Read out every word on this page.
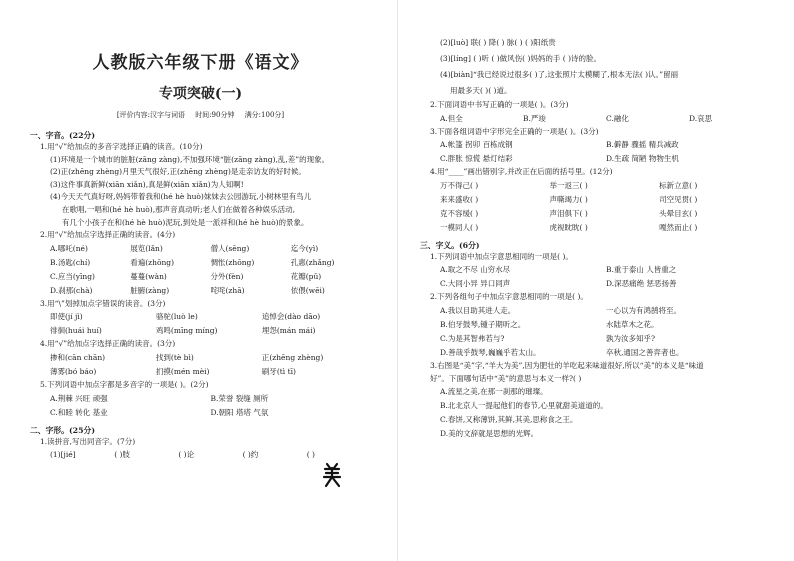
人教版六年级下册《语文》
专项突破(一)
[评价内容:汉字与词语 时间:90分钟 满分:100分]
一、字音。(22分)
1.用“√”给加点的多音字选择正确的读音。(10分)
(1)环境是一个城市的脏脏(zāng zàng),不加强环境“脏(zāng zàng),乱,差”的现象。
(2)正(zhēng zhèng)月里天气很好,正(zhēng zhèng)是走亲访友的好时候。
(3)这件事真新鲜(xiān xiǎn),真是鲜(xiān xiǎn)为人知啊!
(4)今天天气真好呀,妈妈带着我和(hé hè huò)妹妹去公园游玩,小树林里有鸟儿
在歌唱,一唱和(hé hè huò),那声音真动听;老人们在做着各种娱乐活动,
有几个小孩子在和(hé hè huò)泥玩,到处是一派祥和(hé hè huò)的景象。
2.用“√”给加点字选择正确的读音。(4分)
A.哪吒(né)	展览(lǎn)	僧人(sēng)	迄今(yì)
B.汤匙(chí)	看遍(zhōng)	惆怅(zhōng)	孔惠(zhǎng)
C.应当(yīng)	蔓蔓(wàn)	分外(fèn)	花瓣(pǔ)
D.刹那(chà)	脏腑(zàng)	咤咤(zhā)	依偎(wēi)
3.用“\”划掉加点字错误的读音。(3分)
即使(jí jì)	骆驼(luò le)	追悼会(dào dāo)
徘徊(huái huí)	鸡鸣(mīng míng)	埋怨(mán mái)
4.用“√”给加点字选择正确的读音。(3分)
掺和(cān chān)	找到(tè bì)	正(zhēng zhèng)
薄雾(bó báo)	扪摸(mén mèi)	刷牙(tì tī)
5.下列词语中加点字都是多音字的一项是( )。(2分)
A.荆棘 兴旺 顽强	B.荣誉 裂缝 厕所
C.和睦 转化 基业	D.朝阳 塔塔 气氛
二、字形。(25分)
1.读拼音,写出同音字。(7分)
(1)[jié]	( )肢	( )论	( )约	( )
(2)[luò] 联( ) 降( ) 脉( ) ( )阳纸贵
(3)[líng] ( )听 ( )做风伤( )妈妈的手 ( )诗的脸。
(4)[biàn]“我已经说过很多( )了,这张照片太模糊了,根本无法( )认。”留丽
用最多天( )( )道。
2.下面词语中书写正确的一项是( )。(3分)
A.但全	B.严竣	C.融化	D.哀思
3.下面各组词语中字形完全正确的一项是( )。(3分)
A.帐篷 拐卯 百栋成钢	B.僻静 骤摇 精兵减政
C.胖胀 惊慌 悬灯结彩	D.生疏 简陋 物物生机
4.用“____”画出错别字,并改正在后面的括号里。(12分)
万不得己( )	举一返三( )	标新立意( )
来来盛收( )	声嘶竭力( )	司空见贯( )
克不容缓( )	声泪俱下( )	头晕目玄( )
一模同人( )	虎视眈眈( )	嘎然而止( )
三、字义。(6分)
1.下列词语中加点字意思相同的一项是( )。
A.取之不尽 山穷水尽	B.重于泰山 人皆重之
C.大同小异 异口同声	D.深恶痛绝 惩恶扬善
2.下列各组句子中加点字意思相同的一项是( )。
A.我以目助其进人走。	一心以为有鸿鹄将至。
B.伯牙鼓琴,锺子期听之。	水陆草木之花。
C.为是其智弗若与?	孰为汝多知乎?
D.善哉乎鼓琴,巍巍乎若太山。	卒秋,通国之善弈者也。
3.右图是“美”字,“羊大为美”,因为肥壮的羊吃起来味道很好,所以“美”的本义是“味道
好”。下面哪句话中“美”的意思与本义一样?( )
A.流星之美,在那一刹那的璀璨。
B.北北京人一提起他们的春节,心里就甜美道道的。
C.春饼,又称薄饼,其鲜,其美,思称食之王。
D.美的文辞就是思想的光辉。
